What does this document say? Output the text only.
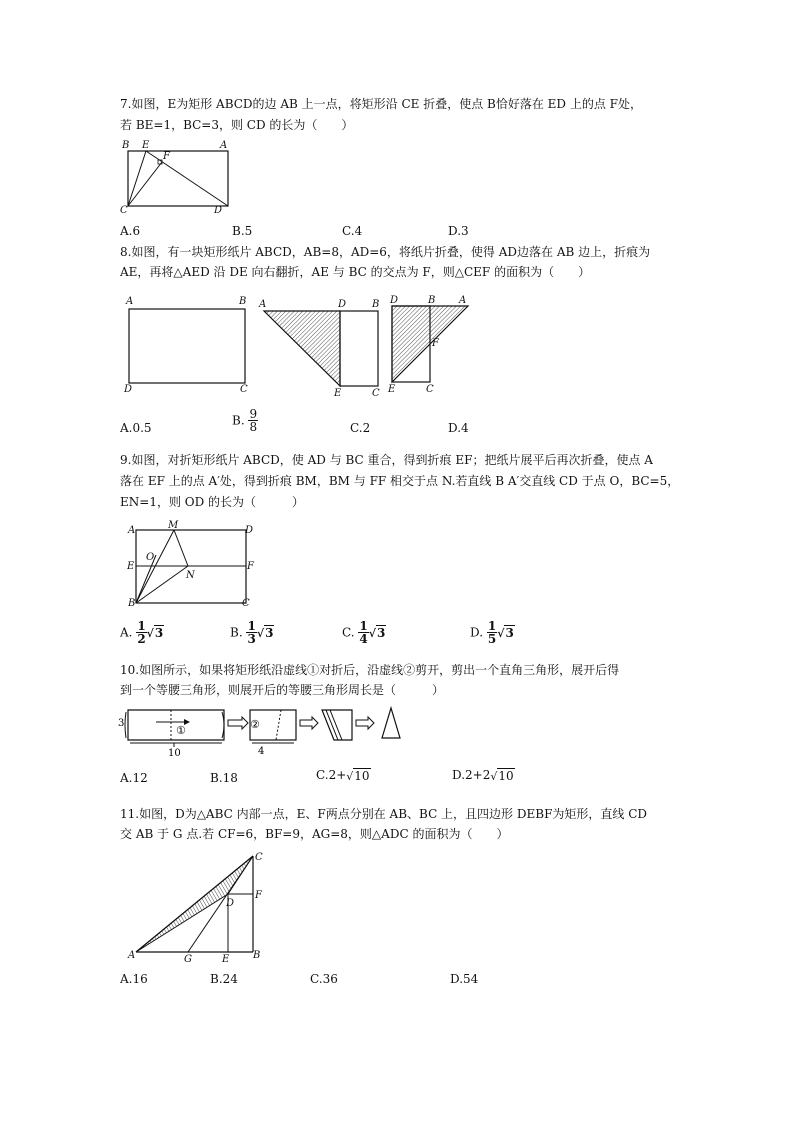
7.如图，E为矩形 ABCD的边 AB 上一点，将矩形沿 CE 折叠，使点 B恰好落在 ED 上的点 F处，
若 BE=1，BC=3，则 CD 的长为（　　）
B E
F
A
C	D
A.6	B.5	C.4	D.3
8.如图，有一块矩形纸片 ABCD，AB=8，AD=6，将纸片折叠，使得 AD边落在 AB 边上，折痕为
AE，再将△AED 沿 DE 向右翻折，AE 与 BC 的交点为 F，则△CEF 的面积为（　　）
A	B
D	C
A	D	B
E	C
D	B A
F
E	C
A.0.5
B. $\frac{9}{8}$	C.2	D.4
9.如图，对折矩形纸片 ABCD，使 AD 与 BC 重合，得到折痕 EF；把纸片展平后再次折叠，使点 A
落在 EF 上的点 A′处，得到折痕 BM，BM 与 FF 相交于点 N.若直线 B A′交直线 CD 于点 O，BC=5，
EN=1，则 OD 的长为（　　　）
A	M	D
O
E
N
F
B	C
A. $\frac{1}{2} √3$	B. $\frac{1}{3} √3$	C. $\frac{1}{4} √3$	D. $\frac{1}{5} √3$
10.如图所示，如果将矩形纸沿虚线①对折后，沿虚线②剪开，剪出一个直角三角形，展开后得
到一个等腰三角形，则展开后的等腰三角形周长是（　　　）
3
①
10
②
4
A.12	B.18	C.2+√10	D.2+2√10
11.如图，D为△ABC 内部一点，E、F两点分别在 AB、BC 上，且四边形 DEBF为矩形，直线 CD
交 AB 于 G 点.若 CF=6，BF=9，AG=8，则△ADC 的面积为（　　）
C
F
D
A	G	E B
A.16	B.24	C.36	D.54
